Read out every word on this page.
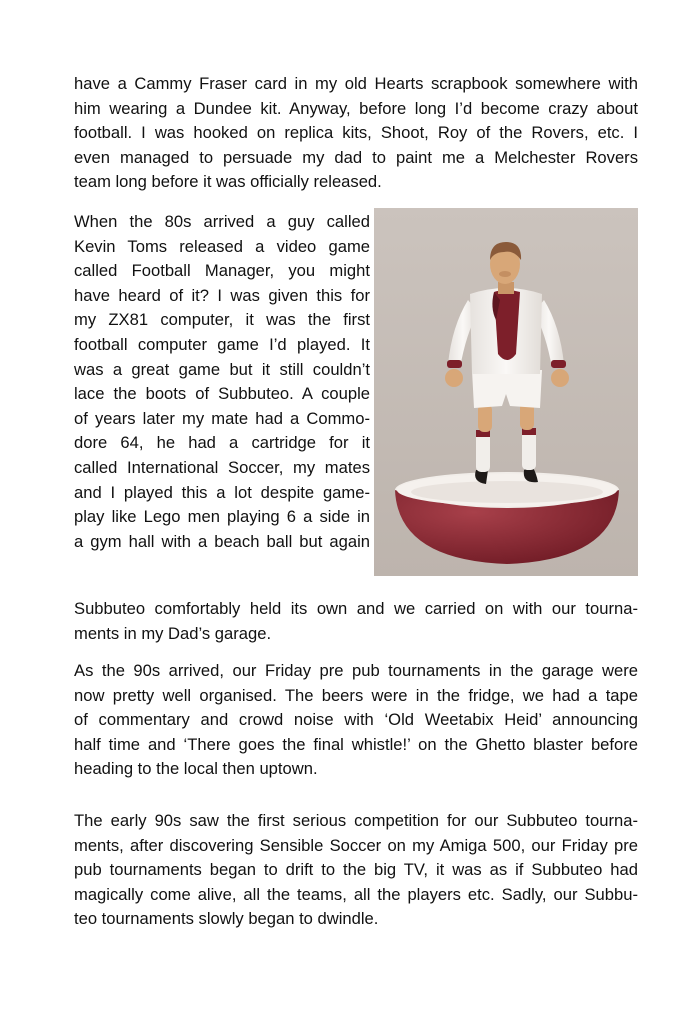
have a Cammy Fraser card in my old Hearts scrapbook somewhere with
him wearing a Dundee kit. Anyway, before long I’d become crazy about
football. I was hooked on replica kits, Shoot, Roy of the Rovers, etc. I
even managed to persuade my dad to paint me a Melchester Rovers
team long before it was officially released.
When the 80s arrived a guy called
Kevin Toms released a video game
called Football Manager, you might
have heard of it? I was given this for
my ZX81 computer, it was the first
football computer game I’d played. It
was a great game but it still couldn’t
lace the boots of Subbuteo. A couple
of years later my mate had a Commo-
dore 64, he had a cartridge for it
called International Soccer, my mates
and I played this a lot despite game-
play like Lego men playing 6 a side in
a gym hall with a beach ball but again
Subbuteo comfortably held its own and we carried on with our tourna-
ments in my Dad’s garage.
As the 90s arrived, our Friday pre pub tournaments in the garage were
now pretty well organised. The beers were in the fridge, we had a tape
of commentary and crowd noise with ‘Old Weetabix Heid’ announcing
half time and ‘There goes the final whistle!’ on the Ghetto blaster before
heading to the local then uptown.
The early 90s saw the first serious competition for our Subbuteo tourna-
ments, after discovering Sensible Soccer on my Amiga 500, our Friday pre
pub tournaments began to drift to the big TV, it was as if Subbuteo had
magically come alive, all the teams, all the players etc. Sadly, our Subbu-
teo tournaments slowly began to dwindle.
